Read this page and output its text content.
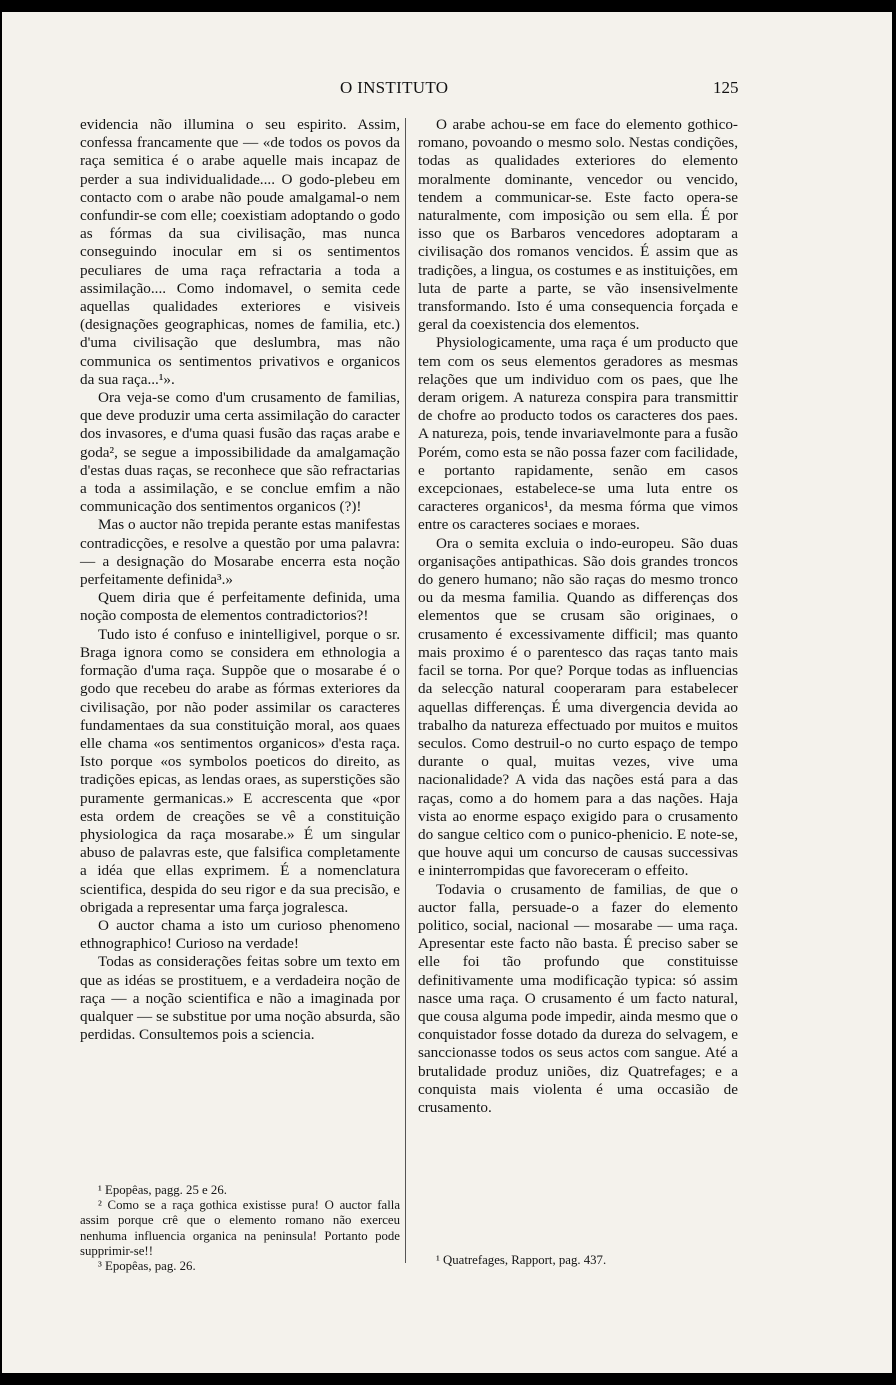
O INSTITUTO	125

evidencia não illumina o seu espirito. Assim, confessa francamente que — «de todos os povos da raça semitica é o arabe aquelle mais incapaz de perder a sua individualidade.... O godo-plebeu em contacto com o arabe não poude amalgamal-o nem confundir-se com elle; coexistiam adoptando o godo as fórmas da sua civilisação, mas nunca conseguindo inocular em si os sentimentos peculiares de uma raça refractaria a toda a assimilação.... Como indomavel, o semita cede aquellas qualidades exteriores e visiveis (designações geographicas, nomes de familia, etc.) d'uma civilisação que deslumbra, mas não communica os sentimentos privativos e organicos da sua raça...¹».

Ora veja-se como d'um crusamento de familias, que deve produzir uma certa assimilação do caracter dos invasores, e d'uma quasi fusão das raças arabe e goda², se segue a impossibilidade da amalgamação d'estas duas raças, se reconhece que são refractarias a toda a assimilação, e se conclue emfim a não communicação dos sentimentos organicos (?)!

Mas o auctor não trepida perante estas manifestas contradicções, e resolve a questão por uma palavra: — a designação do Mosarabe encerra esta noção perfeitamente definida³.»

Quem diria que é perfeitamente definida, uma noção composta de elementos contradictorios?!

Tudo isto é confuso e inintelligivel, porque o sr. Braga ignora como se considera em ethnologia a formação d'uma raça. Suppõe que o mosarabe é o godo que recebeu do arabe as fórmas exteriores da civilisação, por não poder assimilar os caracteres fundamentaes da sua constituição moral, aos quaes elle chama «os sentimentos organicos» d'esta raça. Isto porque «os symbolos poeticos do direito, as tradições epicas, as lendas oraes, as superstições são puramente germanicas.» E accrescenta que «por esta ordem de creações se vê a constituição physiologica da raça mosarabe.» É um singular abuso de palavras este, que falsifica completamente a idéa que ellas exprimem. É a nomenclatura scientifica, despida do seu rigor e da sua precisão, e obrigada a representar uma farça jogralesca.

O auctor chama a isto um curioso phenomeno ethnographico! Curioso na verdade!

Todas as considerações feitas sobre um texto em que as idéas se prostituem, e a verdadeira noção de raça — a noção scientifica e não a imaginada por qualquer — se substitue por uma noção absurda, são perdidas. Consultemos pois a sciencia.

¹ Epopêas, pagg. 25 e 26.

² Como se a raça gothica existisse pura! O auctor falla assim porque crê que o elemento romano não exerceu nenhuma influencia organica na peninsula! Portanto pode supprimir-se!!

³ Epopêas, pag. 26.

O arabe achou-se em face do elemento gothico-romano, povoando o mesmo solo. Nestas condições, todas as qualidades exteriores do elemento moralmente dominante, vencedor ou vencido, tendem a communicar-se. Este facto opera-se naturalmente, com imposição ou sem ella. É por isso que os Barbaros vencedores adoptaram a civilisação dos romanos vencidos. É assim que as tradições, a lingua, os costumes e as instituições, em luta de parte a parte, se vão insensivelmente transformando. Isto é uma consequencia forçada e geral da coexistencia dos elementos.

Physiologicamente, uma raça é um producto que tem com os seus elementos geradores as mesmas relações que um individuo com os paes, que lhe deram origem. A natureza conspira para transmittir de chofre ao producto todos os caracteres dos paes. A natureza, pois, tende invariavelmonte para a fusão Porém, como esta se não possa fazer com facilidade, e portanto rapidamente, senão em casos excepcionaes, estabelece-se uma luta entre os caracteres organicos¹, da mesma fórma que vimos entre os caracteres sociaes e moraes.

Ora o semita excluia o indo-europeu. São duas organisações antipathicas. São dois grandes troncos do genero humano; não são raças do mesmo tronco ou da mesma familia. Quando as differenças dos elementos que se crusam são originaes, o crusamento é excessivamente difficil; mas quanto mais proximo é o parentesco das raças tanto mais facil se torna. Por que? Porque todas as influencias da selecção natural cooperaram para estabelecer aquellas differenças. É uma divergencia devida ao trabalho da natureza effectuado por muitos e muitos seculos. Como destruil-o no curto espaço de tempo durante o qual, muitas vezes, vive uma nacionalidade? A vida das nações está para a das raças, como a do homem para a das nações. Haja vista ao enorme espaço exigido para o crusamento do sangue celtico com o punico-phenicio. E note-se, que houve aqui um concurso de causas successivas e ininterrompidas que favoreceram o effeito.

Todavia o crusamento de familias, de que o auctor falla, persuade-o a fazer do elemento politico, social, nacional — mosarabe — uma raça. Apresentar este facto não basta. É preciso saber se elle foi tão profundo que constituisse definitivamente uma modificação typica: só assim nasce uma raça. O crusamento é um facto natural, que cousa alguma pode impedir, ainda mesmo que o conquistador fosse dotado da dureza do selvagem, e sanccionasse todos os seus actos com sangue. Até a brutalidade produz uniões, diz Quatrefages; e a conquista mais violenta é uma occasião de crusamento.

¹ Quatrefages, Rapport, pag. 437.
